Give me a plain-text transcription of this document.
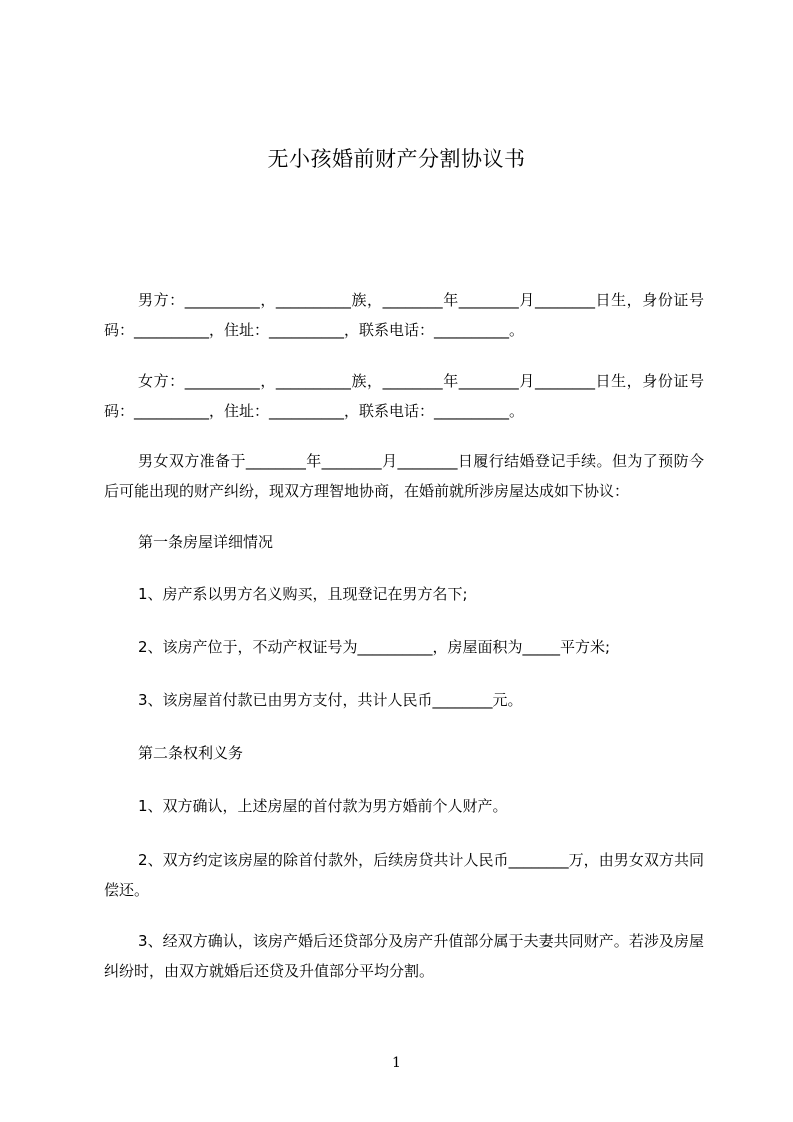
无小孩婚前财产分割协议书
男方：__________，__________族，________年________月________日生，身份证号码：__________，住址：__________，联系电话：__________。
女方：__________，__________族，________年________月________日生，身份证号码：__________，住址：__________，联系电话：__________。
男女双方准备于________年________月________日履行结婚登记手续。但为了预防今后可能出现的财产纠纷，现双方理智地协商，在婚前就所涉房屋达成如下协议：
第一条房屋详细情况
1、房产系以男方名义购买，且现登记在男方名下;
2、该房产位于，不动产权证号为__________，房屋面积为_____平方米;
3、该房屋首付款已由男方支付，共计人民币________元。
第二条权利义务
1、双方确认，上述房屋的首付款为男方婚前个人财产。
2、双方约定该房屋的除首付款外，后续房贷共计人民币________万，由男女双方共同偿还。
3、经双方确认，该房产婚后还贷部分及房产升值部分属于夫妻共同财产。若涉及房屋纠纷时，由双方就婚后还贷及升值部分平均分割。
1
